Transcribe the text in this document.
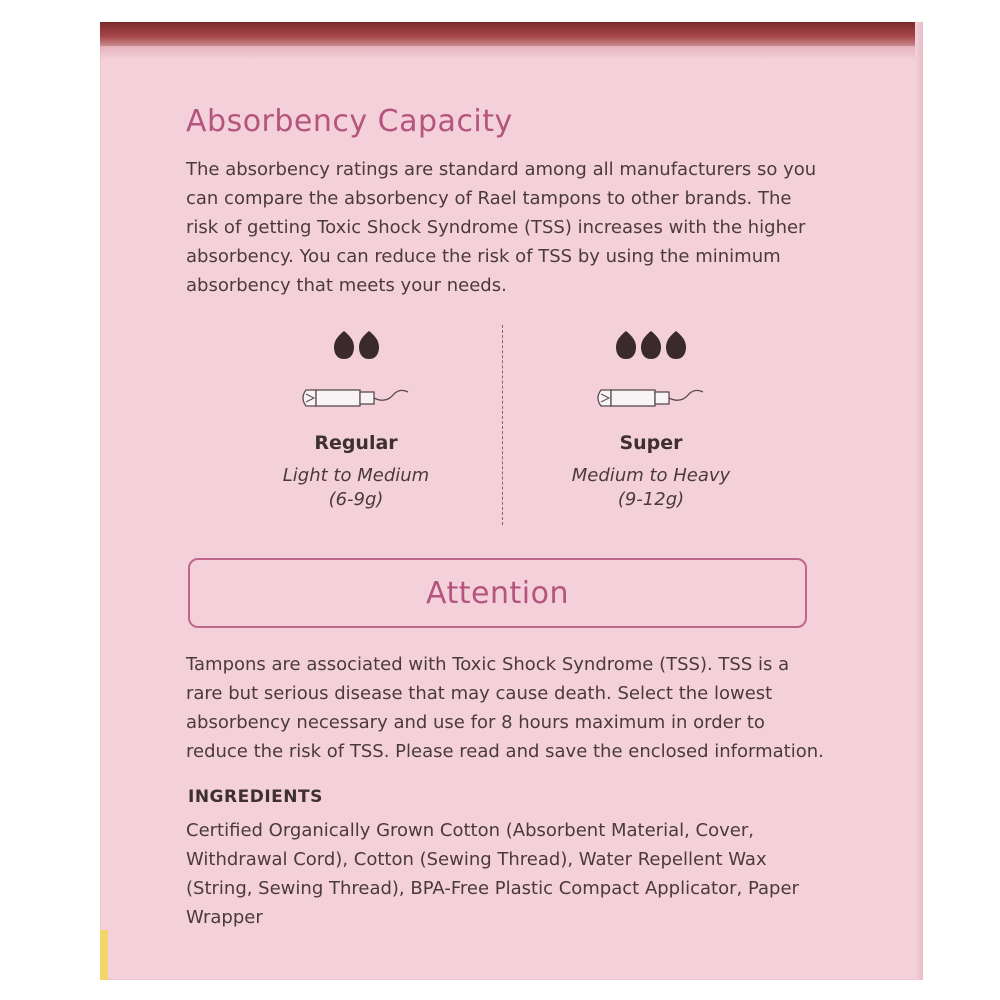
Absorbency Capacity
The absorbency ratings are standard among all manufacturers so you can compare the absorbency of Rael tampons to other brands. The risk of getting Toxic Shock Syndrome (TSS) increases with the higher absorbency. You can reduce the risk of TSS by using the minimum absorbency that meets your needs.
Regular
Light to Medium
(6-9g)
Super
Medium to Heavy
(9-12g)
Attention
Tampons are associated with Toxic Shock Syndrome (TSS). TSS is a rare but serious disease that may cause death. Select the lowest absorbency necessary and use for 8 hours maximum in order to reduce the risk of TSS. Please read and save the enclosed information.
INGREDIENTS
Certified Organically Grown Cotton (Absorbent Material, Cover, Withdrawal Cord), Cotton (Sewing Thread), Water Repellent Wax (String, Sewing Thread), BPA-Free Plastic Compact Applicator, Paper Wrapper
